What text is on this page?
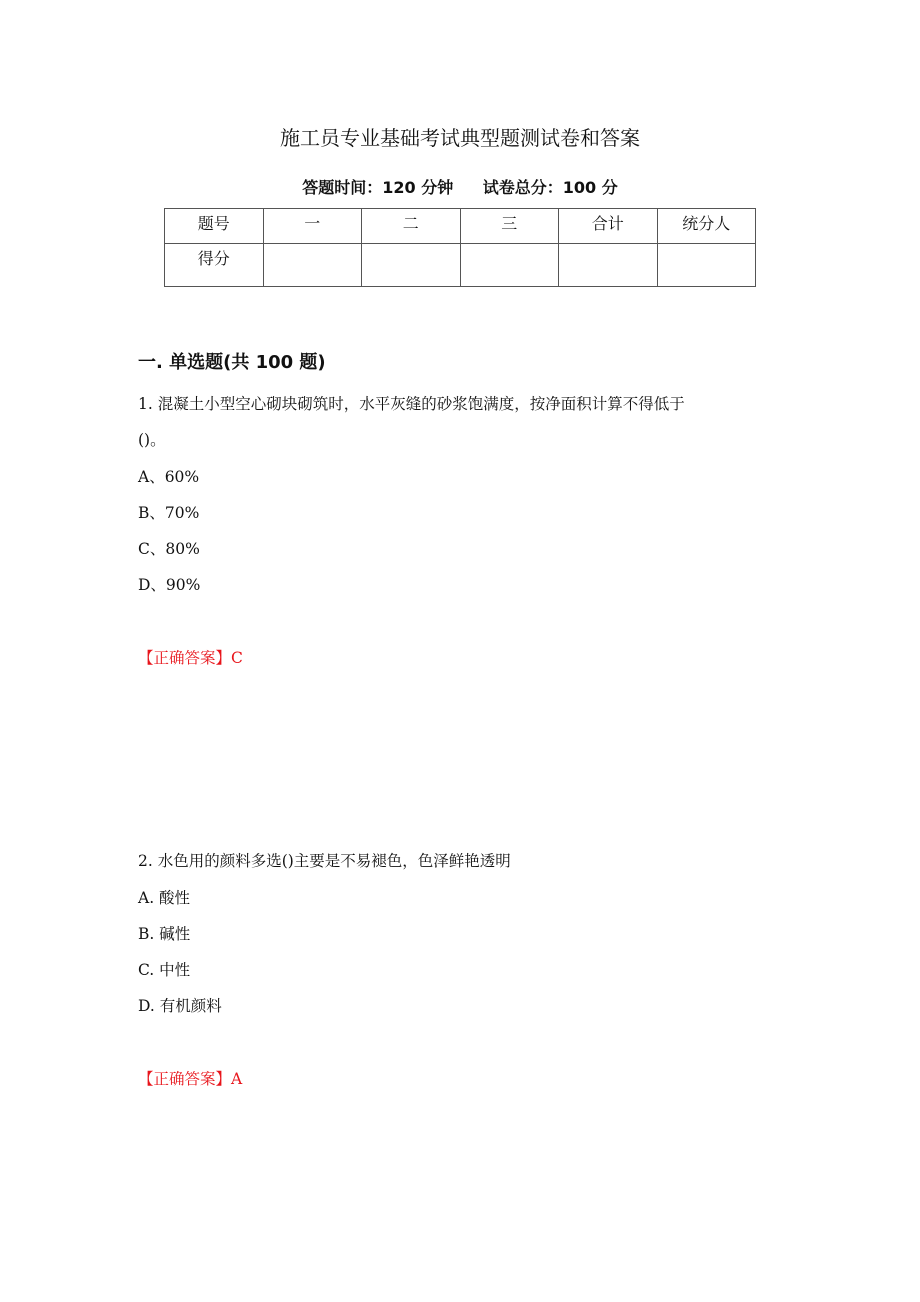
施工员专业基础考试典型题测试卷和答案
答题时间：120 分钟 试卷总分：100 分
题号	一	二	三	合计	统分人
得分					
一. 单选题(共 100 题)
1. 混凝土小型空心砌块砌筑时，水平灰缝的砂浆饱满度，按净面积计算不得低于
()。
A、60%
B、70%
C、80%
D、90%
【正确答案】C
2. 水色用的颜料多选()主要是不易褪色，色泽鲜艳透明
A. 酸性
B. 碱性
C. 中性
D. 有机颜料
【正确答案】A
